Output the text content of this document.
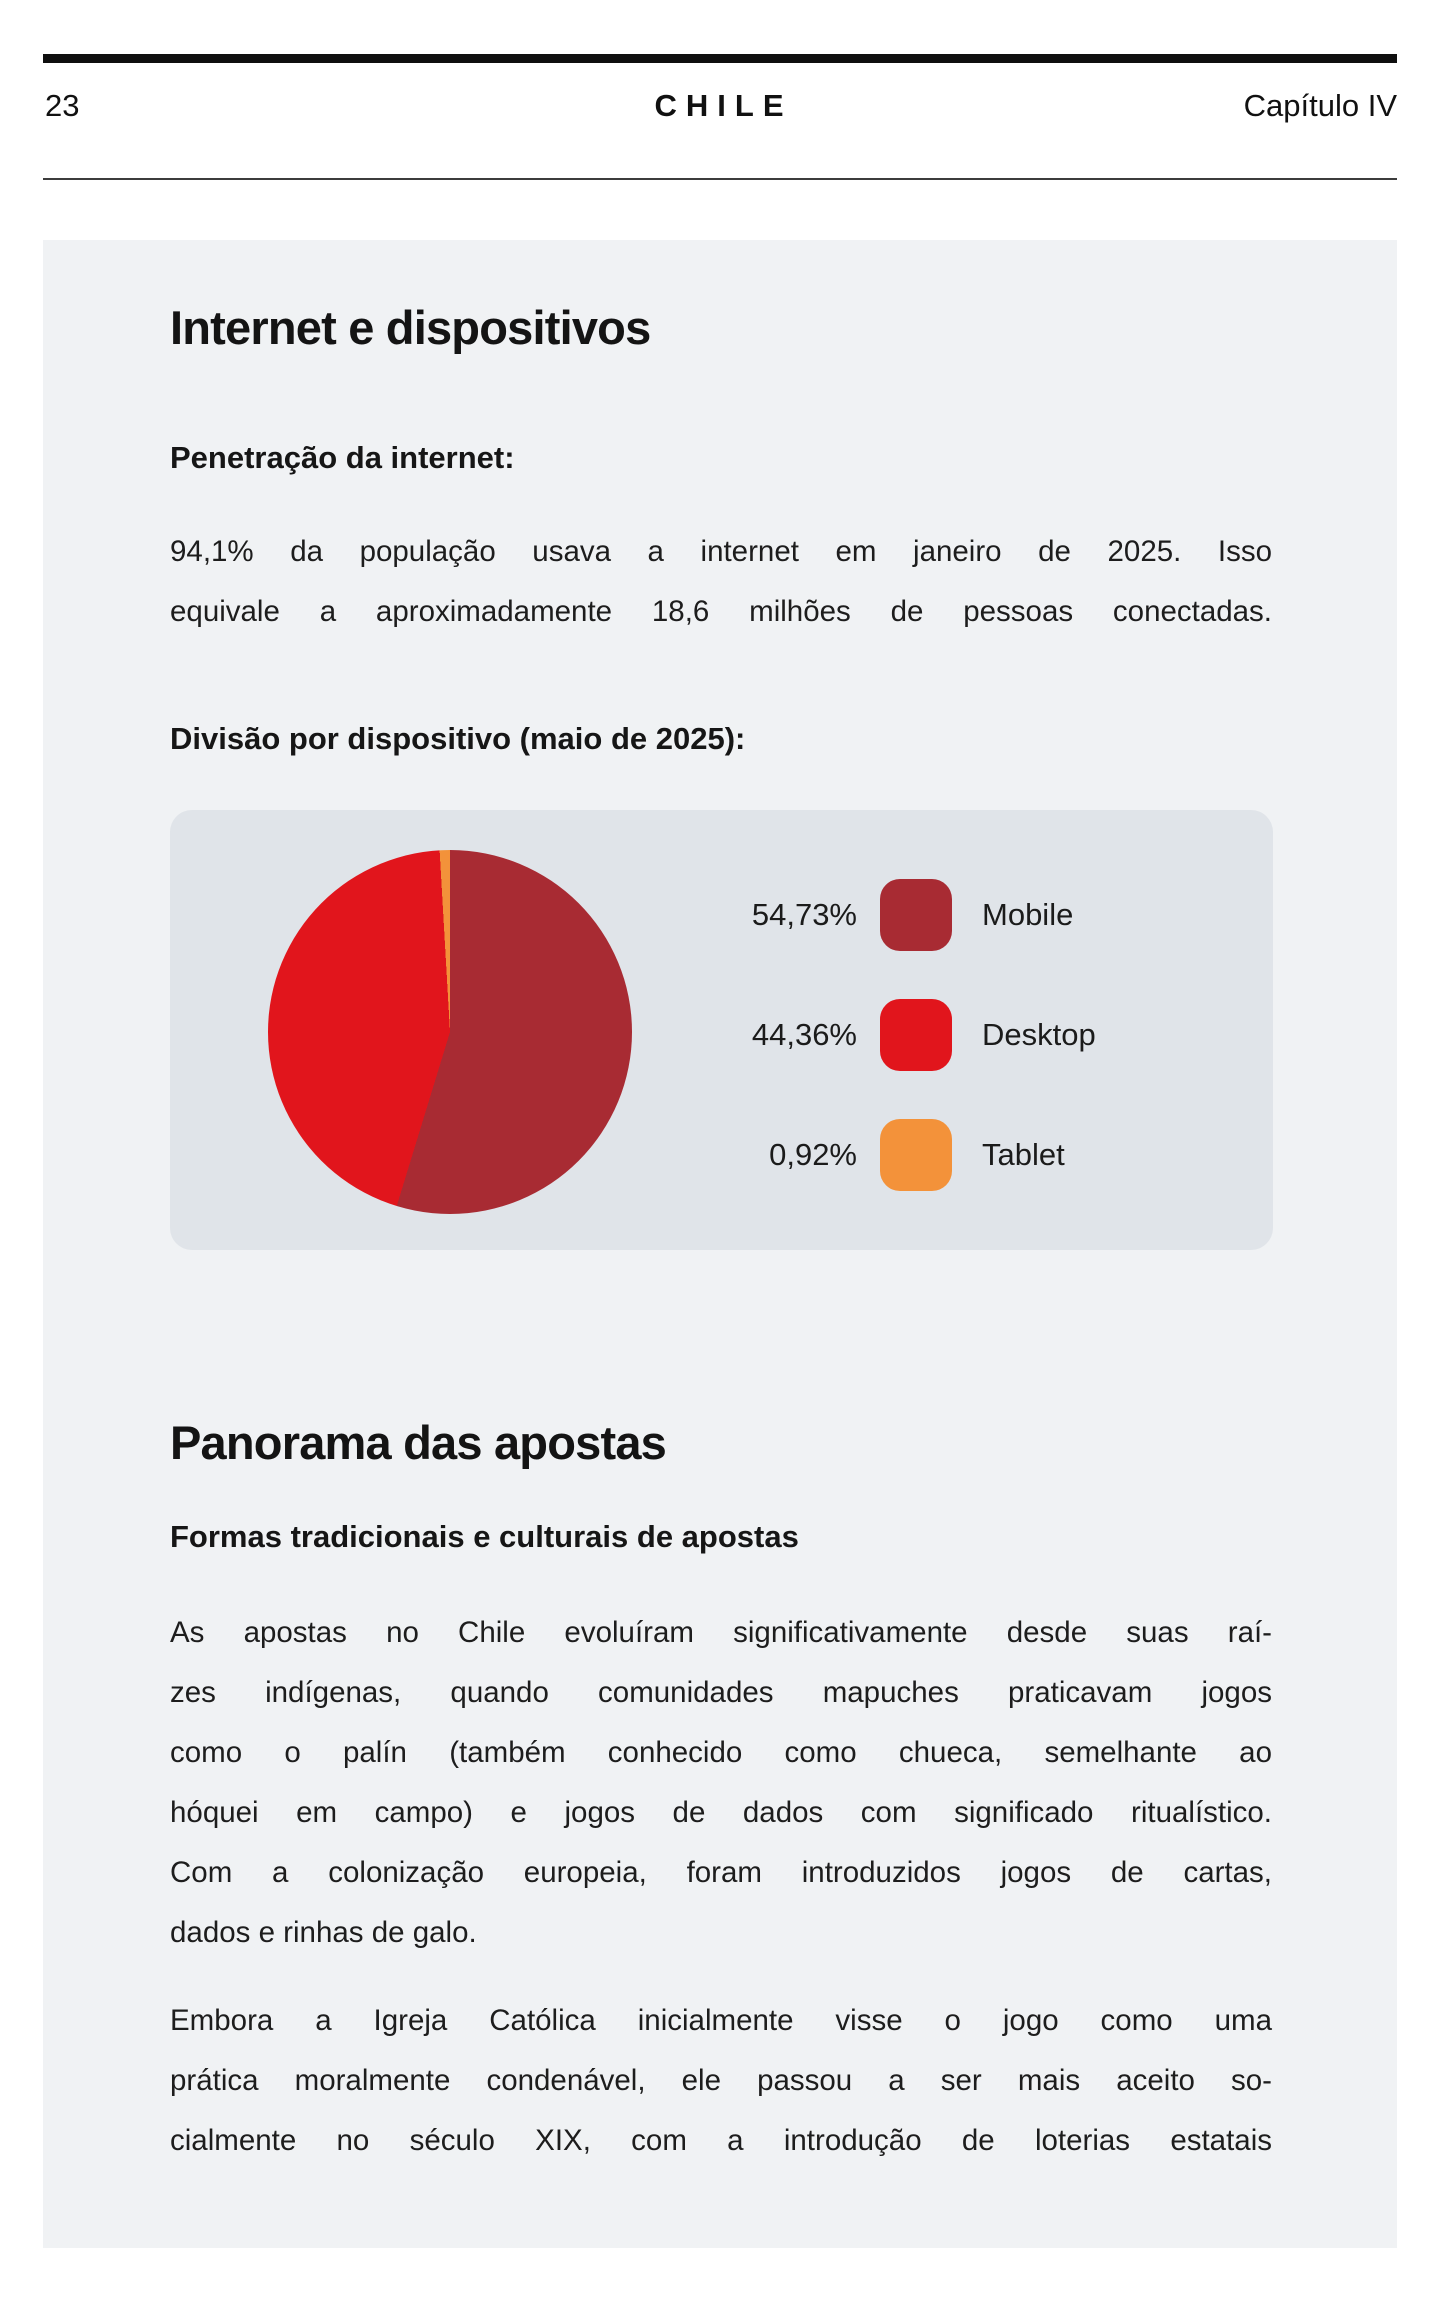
23	CHILE	Capítulo IV
Internet e dispositivos
Penetração da internet:
94,1% da população usava a internet em janeiro de 2025. Isso
equivale a aproximadamente 18,6 milhões de pessoas conectadas.
Divisão por dispositivo (maio de 2025):
54,73%	Mobile
44,36%	Desktop
0,92%	Tablet
Panorama das apostas
Formas tradicionais e culturais de apostas
As apostas no Chile evoluíram significativamente desde suas raí-
zes indígenas, quando comunidades mapuches praticavam jogos
como o palín (também conhecido como chueca, semelhante ao
hóquei em campo) e jogos de dados com significado ritualístico.
Com a colonização europeia, foram introduzidos jogos de cartas,
dados e rinhas de galo.
Embora a Igreja Católica inicialmente visse o jogo como uma
prática moralmente condenável, ele passou a ser mais aceito so-
cialmente no século XIX, com a introdução de loterias estatais
